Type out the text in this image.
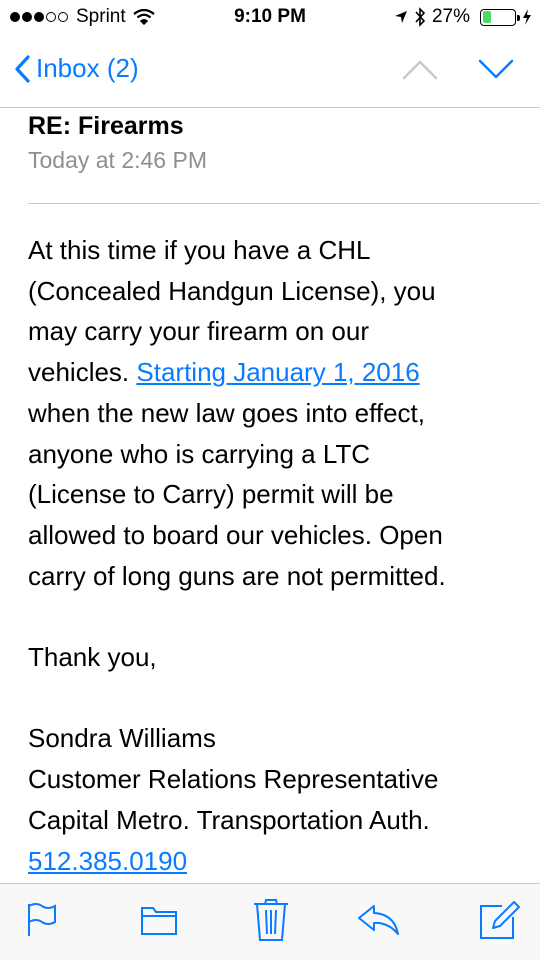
Sprint	9:10 PM	27%
Inbox (2)
RE: Firearms
Today at 2:46 PM
At this time if you have a CHL
(Concealed Handgun License), you
may carry your firearm on our
vehicles. Starting January 1, 2016
when the new law goes into effect,
anyone who is carrying a LTC
(License to Carry) permit will be
allowed to board our vehicles. Open
carry of long guns are not permitted.
Thank you,
Sondra Williams
Customer Relations Representative
Capital Metro. Transportation Auth.
512.385.0190
